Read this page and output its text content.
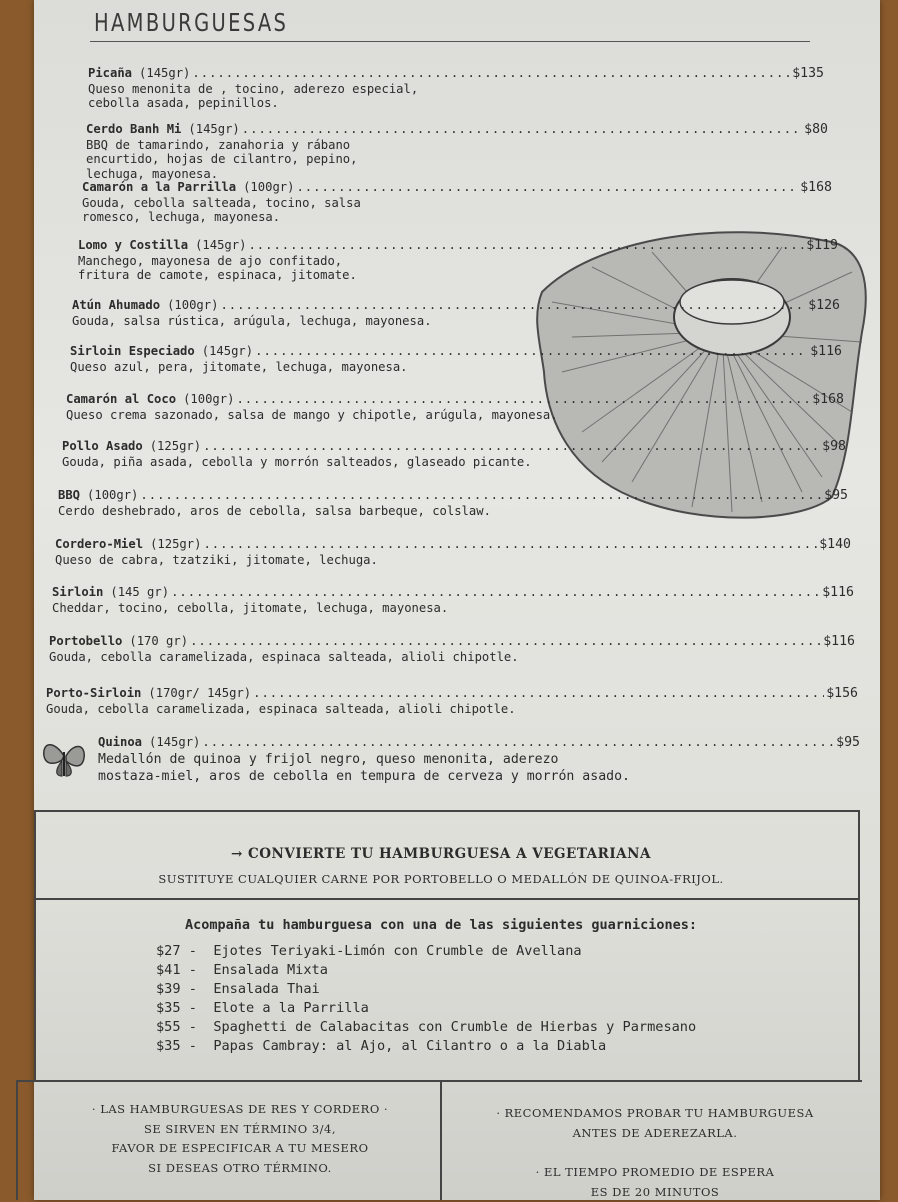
HAMBURGUESAS
Picaña (145gr) .....	$135
Queso menonita de , tocino, aderezo especial,
cebolla asada, pepinillos.
Cerdo Banh Mi (145gr) .....	$80
BBQ de tamarindo, zanahoria y rábano
encurtido, hojas de cilantro, pepino,
lechuga, mayonesa.
Camarón a la Parrilla (100gr) .....	$168
Gouda, cebolla salteada, tocino, salsa
romesco, lechuga, mayonesa.
Lomo y Costilla (145gr) .....	$119
Manchego, mayonesa de ajo confitado,
fritura de camote, espinaca, jitomate.
Atún Ahumado (100gr) .....	$126
Gouda, salsa rústica, arúgula, lechuga, mayonesa.
Sirloin Especiado (145gr) .....	$116
Queso azul, pera, jitomate, lechuga, mayonesa.
Camarón al Coco (100gr) .....	$168
Queso crema sazonado, salsa de mango y chipotle, arúgula, mayonesa.
Pollo Asado (125gr) .....	$98
Gouda, piña asada, cebolla y morrón salteados, glaseado picante.
BBQ (100gr) .....	$95
Cerdo deshebrado, aros de cebolla, salsa barbeque, colslaw.
Cordero-Miel (125gr) .....	$140
Queso de cabra, tzatziki, jitomate, lechuga.
Sirloin (145 gr) .....	$116
Cheddar, tocino, cebolla, jitomate, lechuga, mayonesa.
Portobello (170 gr) .....	$116
Gouda, cebolla caramelizada, espinaca salteada, alioli chipotle.
Porto-Sirloin (170gr/ 145gr) .....	$156
Gouda, cebolla caramelizada, espinaca salteada, alioli chipotle.
Quinoa (145gr) .....	$95
Medallón de quinoa y frijol negro, queso menonita, aderezo
mostaza-miel, aros de cebolla en tempura de cerveza y morrón asado.
→ CONVIERTE TU HAMBURGUESA A VEGETARIANA
SUSTITUYE CUALQUIER CARNE POR PORTOBELLO O MEDALLÓN DE QUINOA-FRIJOL.
Acompaña tu hamburguesa con una de las siguientes guarniciones:
$27 -  Ejotes Teriyaki-Limón con Crumble de Avellana
$41 -  Ensalada Mixta
$39 -  Ensalada Thai
$35 -  Elote a la Parrilla
$55 -  Spaghetti de Calabacitas con Crumble de Hierbas y Parmesano
$35 -  Papas Cambray: al Ajo, al Cilantro o a la Diabla
· LAS HAMBURGUESAS DE RES Y CORDERO ·
SE SIRVEN EN TÉRMINO 3/4,
FAVOR DE ESPECIFICAR A TU MESERO
SI DESEAS OTRO TÉRMINO.
· RECOMENDAMOS PROBAR TU HAMBURGUESA
ANTES DE ADEREZARLA.
· EL TIEMPO PROMEDIO DE ESPERA
ES DE 20 MINUTOS
